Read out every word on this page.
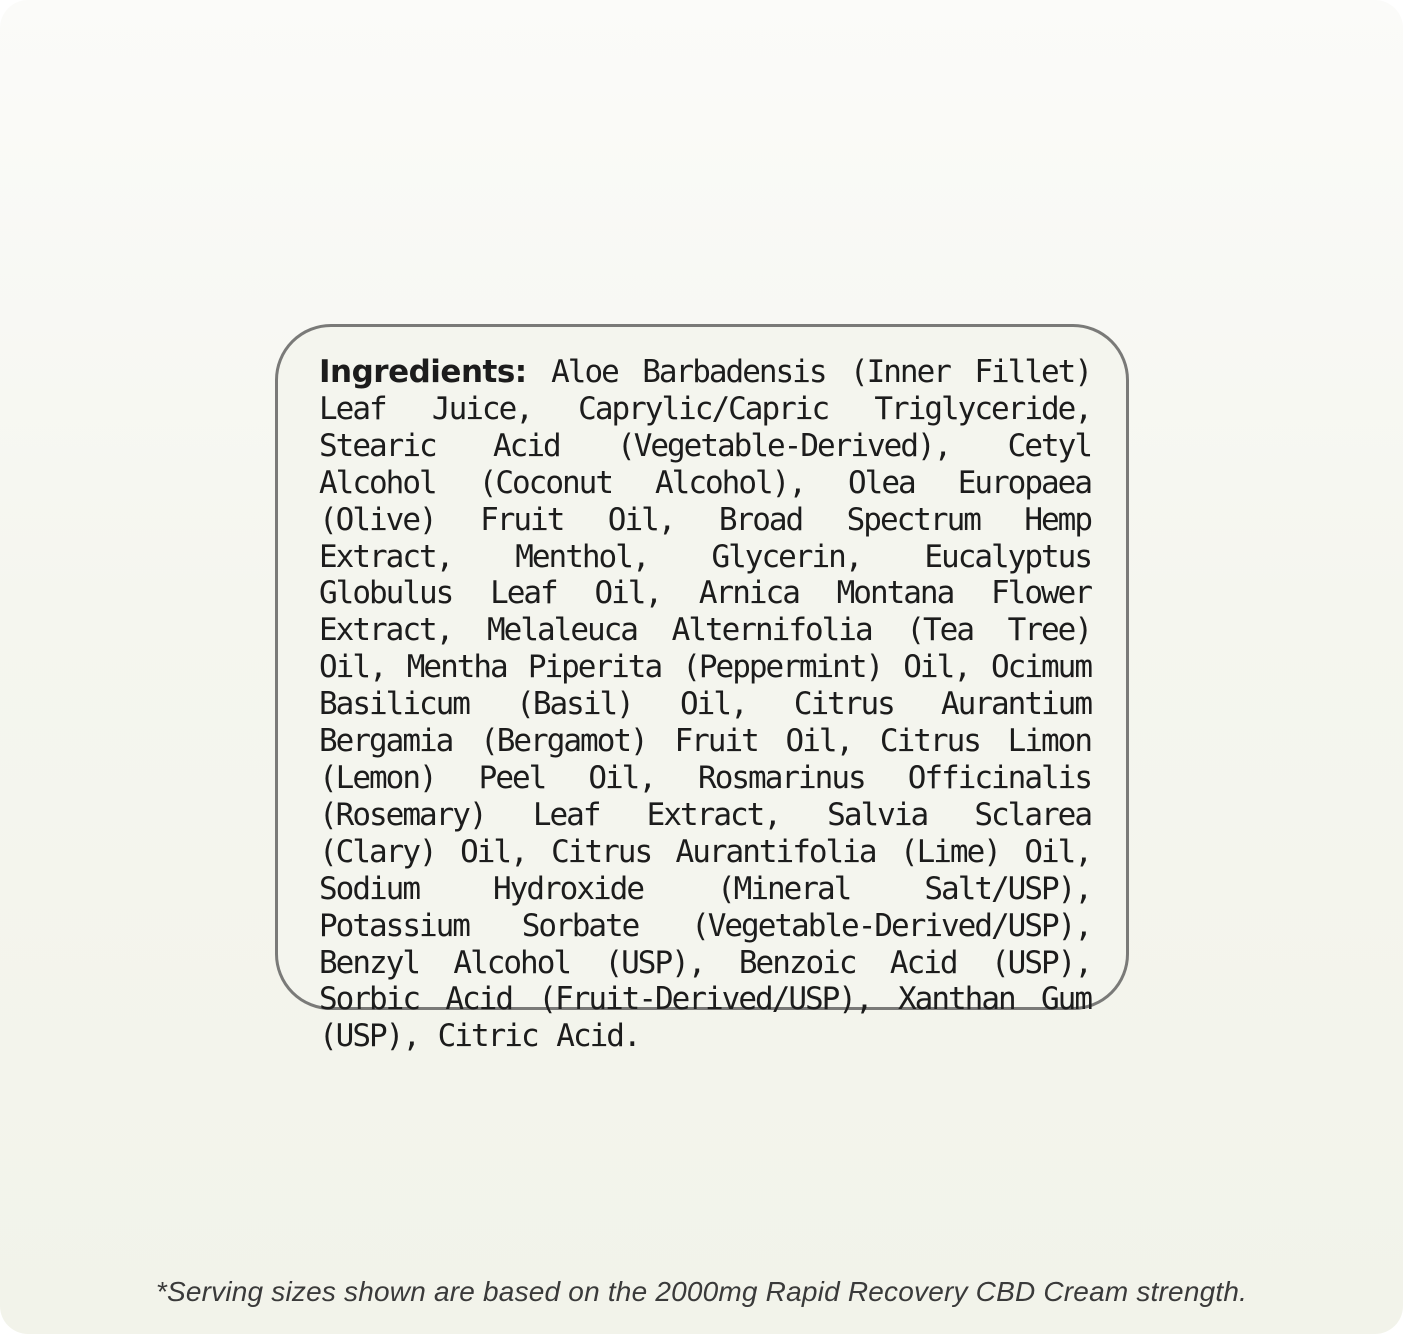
Ingredients: Aloe Barbadensis (Inner Fillet) Leaf Juice, Caprylic/Capric Triglyceride, Stearic Acid (Vegetable-Derived), Cetyl Alcohol (Coconut Alcohol), Olea Europaea (Olive) Fruit Oil, Broad Spectrum Hemp Extract, Menthol, Glycerin, Eucalyptus Globulus Leaf Oil, Arnica Montana Flower Extract, Melaleuca Alternifolia (Tea Tree) Oil, Mentha Piperita (Peppermint) Oil, Ocimum Basilicum (Basil) Oil, Citrus Aurantium Bergamia (Bergamot) Fruit Oil, Citrus Limon (Lemon) Peel Oil, Rosmarinus Officinalis (Rosemary) Leaf Extract, Salvia Sclarea (Clary) Oil, Citrus Aurantifolia (Lime) Oil, Sodium Hydroxide (Mineral Salt/USP), Potassium Sorbate (Vegetable-Derived/USP), Benzyl Alcohol (USP), Benzoic Acid (USP), Sorbic Acid (Fruit-Derived/USP), Xanthan Gum (USP), Citric Acid.

*Serving sizes shown are based on the 2000mg Rapid Recovery CBD Cream strength.
